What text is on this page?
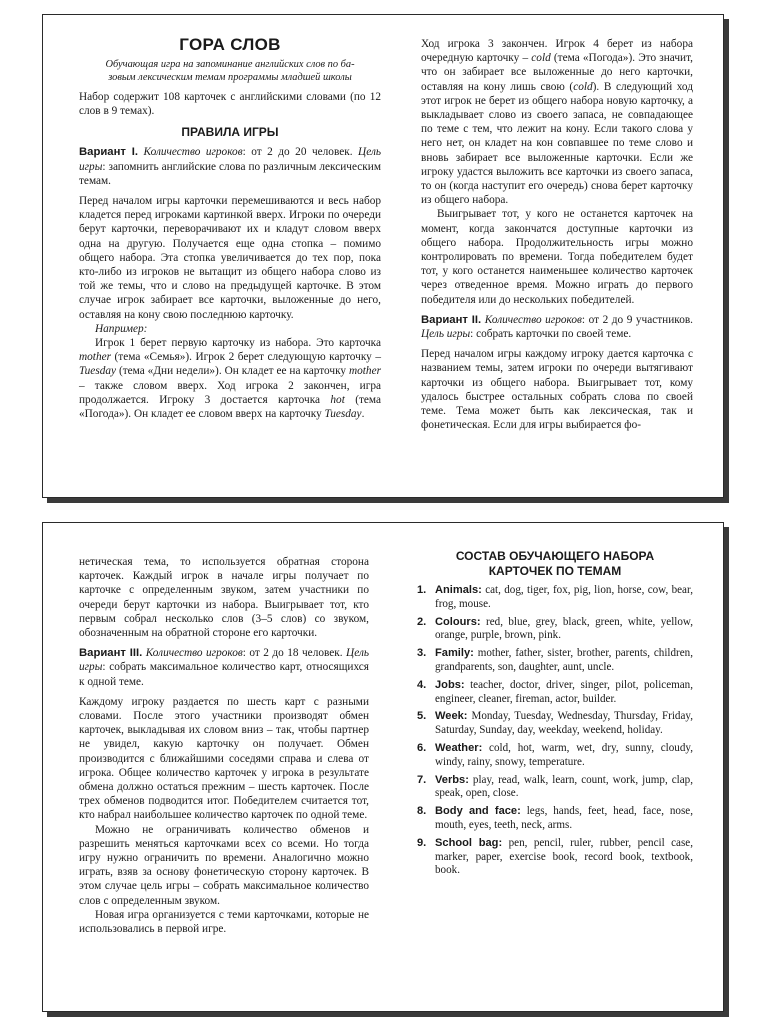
ГОРА СЛОВ
Обучающая игра на запоминание английских слов по ба-
зовым лексическим темам программы младшей школы

Набор содержит 108 карточек с английскими словами (по 12 слов в 9 темах).

ПРАВИЛА ИГРЫ

Вариант I. Количество игроков: от 2 до 20 человек. Цель игры: запомнить английские слова по различным лексическим темам.

Перед началом игры карточки перемешиваются и весь набор кладется перед игроками картинкой вверх. Игроки по очереди берут карточки, переворачивают их и кладут словом вверх одна на другую. Получается еще одна стопка – помимо общего набора. Эта стопка увеличивается до тех пор, пока кто-либо из игроков не вытащит из общего набора слово из той же темы, что и слово на предыдущей карточке. В этом случае игрок забирает все карточки, выложенные до него, оставляя на кону свою последнюю карточку.

Например:

Игрок 1 берет первую карточку из набора. Это карточка mother (тема «Семья»). Игрок 2 берет следующую карточку – Tuesday (тема «Дни недели»). Он кладет ее на карточку mother – также словом вверх. Ход игрока 2 закончен, игра продолжается. Игроку 3 достается карточка hot (тема «Погода»). Он кладет ее словом вверх на карточку Tuesday.

Ход игрока 3 закончен. Игрок 4 берет из набора очередную карточку – cold (тема «Погода»). Это значит, что он забирает все выложенные до него карточки, оставляя на кону лишь свою (cold). В следующий ход этот игрок не берет из общего набора новую карточку, а выкладывает слово из своего запаса, не совпадающее по теме с тем, что лежит на кону. Если такого слова у него нет, он кладет на кон совпавшее по теме слово и вновь забирает все выложенные карточки. Если же игроку удастся выложить все карточки из своего запаса, то он (когда наступит его очередь) снова берет карточку из общего набора.

Выигрывает тот, у кого не останется карточек на момент, когда закончатся доступные карточки из общего набора. Продолжительность игры можно контролировать по времени. Тогда победителем будет тот, у кого останется наименьшее количество карточек через отведенное время. Можно играть до первого победителя или до нескольких победителей.

Вариант II. Количество игроков: от 2 до 9 участников. Цель игры: собрать карточки по своей теме.

Перед началом игры каждому игроку дается карточка с названием темы, затем игроки по очереди вытягивают карточки из общего набора. Выигрывает тот, кому удалось быстрее остальных собрать слова по своей теме. Тема может быть как лексическая, так и фонетическая. Если для игры выбирается фо-

нетическая тема, то используется обратная сторона карточек. Каждый игрок в начале игры получает по карточке с определенным звуком, затем участники по очереди берут карточки из набора. Выигрывает тот, кто первым собрал несколько слов (3–5 слов) со звуком, обозначенным на обратной стороне его карточки.

Вариант III. Количество игроков: от 2 до 18 человек. Цель игры: собрать максимальное количество карт, относящихся к одной теме.

Каждому игроку раздается по шесть карт с разными словами. После этого участники производят обмен карточек, выкладывая их словом вниз – так, чтобы партнер не увидел, какую карточку он получает. Обмен производится с ближайшими соседями справа и слева от игрока. Общее количество карточек у игрока в результате обмена должно остаться прежним – шесть карточек. После трех обменов подводится итог. Победителем считается тот, кто набрал наибольшее количество карточек по одной теме.

Можно не ограничивать количество обменов и разрешить меняться карточками всех со всеми. Но тогда игру нужно ограничить по времени. Аналогично можно играть, взяв за основу фонетическую сторону карточек. В этом случае цель игры – собрать максимальное количество слов с определенным звуком.

Новая игра организуется с теми карточками, которые не использовались в первой игре.

СОСТАВ ОБУЧАЮЩЕГО НАБОРА
КАРТОЧЕК ПО ТЕМАМ
1. Animals: cat, dog, tiger, fox, pig, lion, horse, cow, bear, frog, mouse.
2. Colours: red, blue, grey, black, green, white, yellow, orange, purple, brown, pink.
3. Family: mother, father, sister, brother, parents, children, grandparents, son, daughter, aunt, uncle.
4. Jobs: teacher, doctor, driver, singer, pilot, policeman, engineer, cleaner, fireman, actor, builder.
5. Week: Monday, Tuesday, Wednesday, Thursday, Friday, Saturday, Sunday, day, weekday, weekend, holiday.
6. Weather: cold, hot, warm, wet, dry, sunny, cloudy, windy, rainy, snowy, temperature.
7. Verbs: play, read, walk, learn, count, work, jump, clap, speak, open, close.
8. Body and face: legs, hands, feet, head, face, nose, mouth, eyes, teeth, neck, arms.
9. School bag: pen, pencil, ruler, rubber, pencil case, marker, paper, exercise book, record book, textbook, book.
